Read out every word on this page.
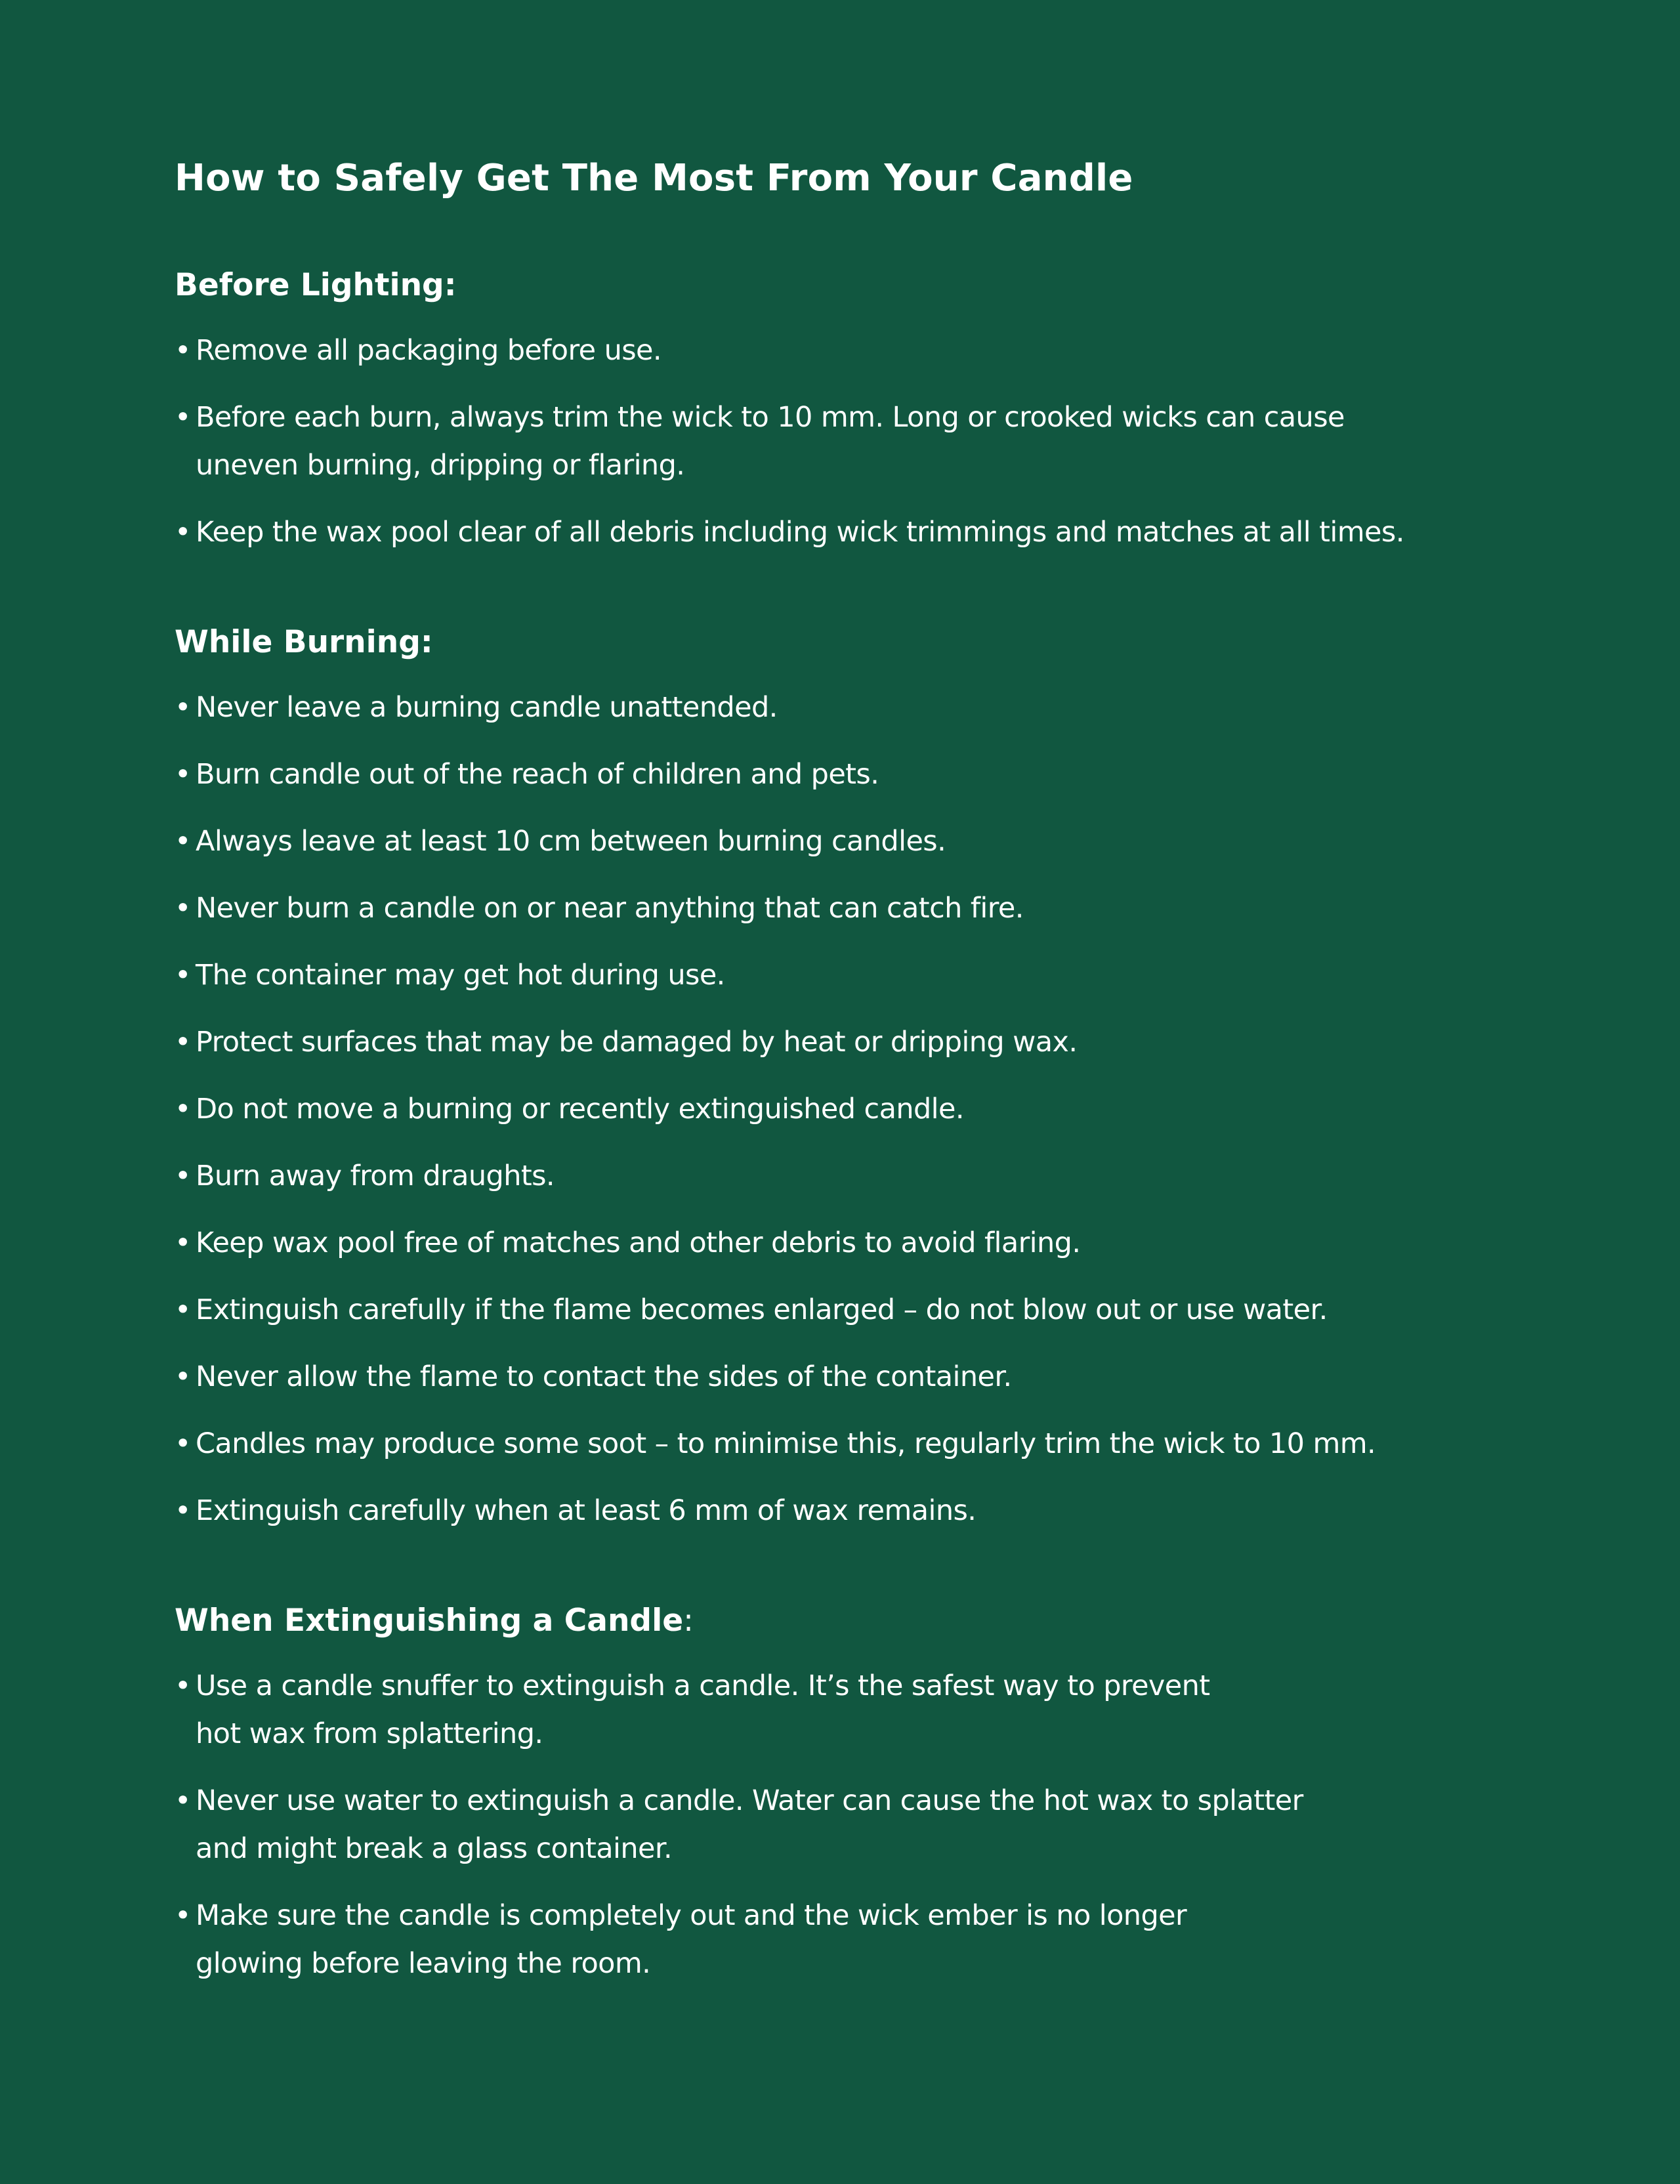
How to Safely Get The Most From Your Candle
Before Lighting:
• Remove all packaging before use.
• Before each burn, always trim the wick to 10 mm. Long or crooked wicks can cause
uneven burning, dripping or flaring.
• Keep the wax pool clear of all debris including wick trimmings and matches at all times.
While Burning:
• Never leave a burning candle unattended.
• Burn candle out of the reach of children and pets.
• Always leave at least 10 cm between burning candles.
• Never burn a candle on or near anything that can catch fire.
• The container may get hot during use.
• Protect surfaces that may be damaged by heat or dripping wax.
• Do not move a burning or recently extinguished candle.
• Burn away from draughts.
• Keep wax pool free of matches and other debris to avoid flaring.
• Extinguish carefully if the flame becomes enlarged – do not blow out or use water.
• Never allow the flame to contact the sides of the container.
• Candles may produce some soot – to minimise this, regularly trim the wick to 10 mm.
• Extinguish carefully when at least 6 mm of wax remains.
When Extinguishing a Candle:
• Use a candle snuffer to extinguish a candle. It’s the safest way to prevent
hot wax from splattering.
• Never use water to extinguish a candle. Water can cause the hot wax to splatter
and might break a glass container.
• Make sure the candle is completely out and the wick ember is no longer
glowing before leaving the room.
